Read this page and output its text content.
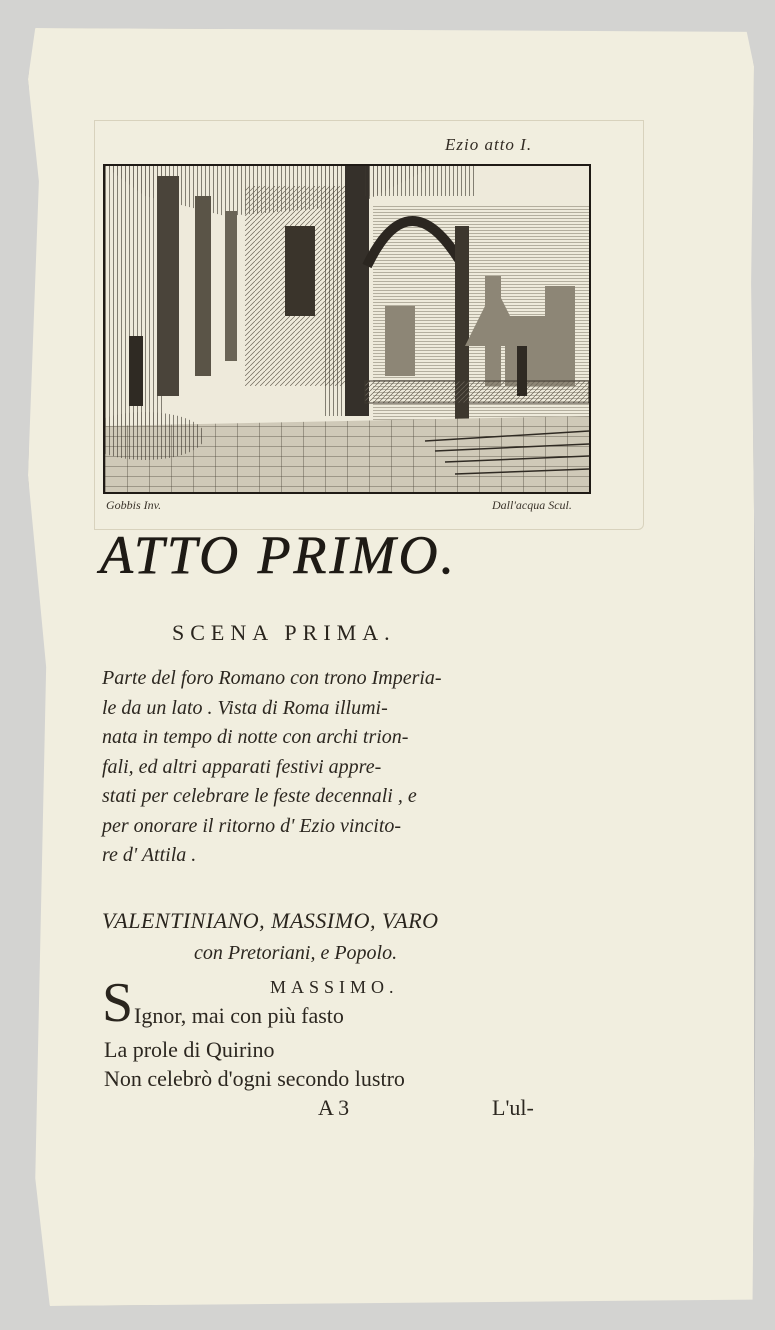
Ezio atto I.
Gobbis Inv.	Dall'acqua Scul.
ATTO PRIMO.
SCENA PRIMA.
Parte del foro Romano con trono Imperia-
le da un lato . Vista di Roma illumi-
nata in tempo di notte con archi trion-
fali, ed altri apparati festivi appre-
stati per celebrare le feste decennali , e
per onorare il ritorno d' Ezio vincito-
re d' Attila .
VALENTINIANO, MASSIMO, VARO
con Pretoriani, e Popolo.
MASSIMO.
S Ignor, mai con più fasto
La prole di Quirino
Non celebrò d'ogni secondo lustro
A 3	L'ul-
